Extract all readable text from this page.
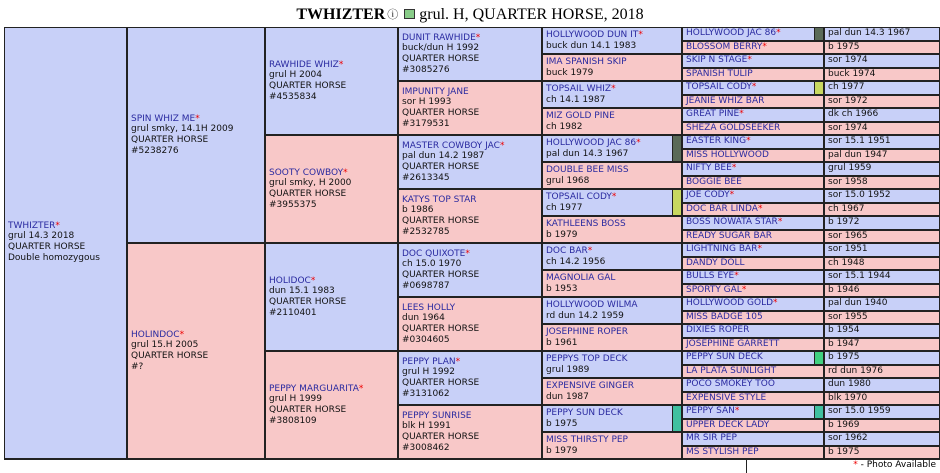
TWHIZTER ⓘ grul. H, QUARTER HORSE, 2018
TWHIZTER*
grul 14.3 2018
QUARTER HORSE
Double homozygous
SPIN WHIZ ME*
grul smky, 14.1H 2009
QUARTER HORSE
#5238276
HOLINDOC*
grul 15.H 2005
QUARTER HORSE
#?
RAWHIDE WHIZ*
grul H 2004
QUARTER HORSE
#4535834
SOOTY COWBOY*
grul smky, H 2000
QUARTER HORSE
#3955375
HOLIDOC*
dun 15.1 1983
QUARTER HORSE
#2110401
PEPPY MARGUARITA*
grul H 1999
QUARTER HORSE
#3808109
DUNIT RAWHIDE*
buck/dun H 1992
QUARTER HORSE
#3085276
IMPUNITY JANE
sor H 1993
QUARTER HORSE
#3179531
MASTER COWBOY JAC*
pal dun 14.2 1987
QUARTER HORSE
#2613345
KATYS TOP STAR
b 1986
QUARTER HORSE
#2532785
DOC QUIXOTE*
ch 15.0 1970
QUARTER HORSE
#0698787
LEES HOLLY
dun 1964
QUARTER HORSE
#0304605
PEPPY PLAN*
grul H 1992
QUARTER HORSE
#3131062
PEPPY SUNRISE
blk H 1991
QUARTER HORSE
#3008462
HOLLYWOOD DUN IT*
buck dun 14.1 1983
IMA SPANISH SKIP
buck 1979
TOPSAIL WHIZ*
ch 14.1 1987
MIZ GOLD PINE
ch 1982
HOLLYWOOD JAC 86*
pal dun 14.3 1967
DOUBLE BEE MISS
grul 1968
TOPSAIL CODY*
ch 1977
KATHLEENS BOSS
b 1979
DOC BAR*
ch 14.2 1956
MAGNOLIA GAL
b 1953
HOLLYWOOD WILMA
rd dun 14.2 1959
JOSEPHINE ROPER
b 1961
PEPPYS TOP DECK
grul 1989
EXPENSIVE GINGER
dun 1987
PEPPY SUN DECK
b 1975
MISS THIRSTY PEP
b 1979
HOLLYWOOD JAC 86*	pal dun 14.3 1967
BLOSSOM BERRY*	b 1975
SKIP N STAGE*	sor 1974
SPANISH TULIP	buck 1974
TOPSAIL CODY*	ch 1977
JEANIE WHIZ BAR	sor 1972
GREAT PINE*	dk ch 1966
SHEZA GOLDSEEKER	sor 1974
EASTER KING*	sor 15.1 1951
MISS HOLLYWOOD	pal dun 1947
NIFTY BEE*	grul 1959
BOGGIE BEE	sor 1958
JOE CODY*	sor 15.0 1952
DOC BAR LINDA*	ch 1967
BOSS NOWATA STAR*	b 1972
READY SUGAR BAR	sor 1965
LIGHTNING BAR*	sor 1951
DANDY DOLL	ch 1948
BULLS EYE*	sor 15.1 1944
SPORTY GAL*	b 1946
HOLLYWOOD GOLD*	pal dun 1940
MISS BADGE 105	sor 1955
DIXIES ROPER	b 1954
JOSEPHINE GARRETT	b 1947
PEPPY SUN DECK	b 1975
LA PLATA SUNLIGHT	rd dun 1976
POCO SMOKEY TOO	dun 1980
EXPENSIVE STYLE	blk 1970
PEPPY SAN*	sor 15.0 1959
UPPER DECK LADY	b 1969
MR SIR PEP	sor 1962
MS STYLISH PEP	b 1975
* - Photo Available
